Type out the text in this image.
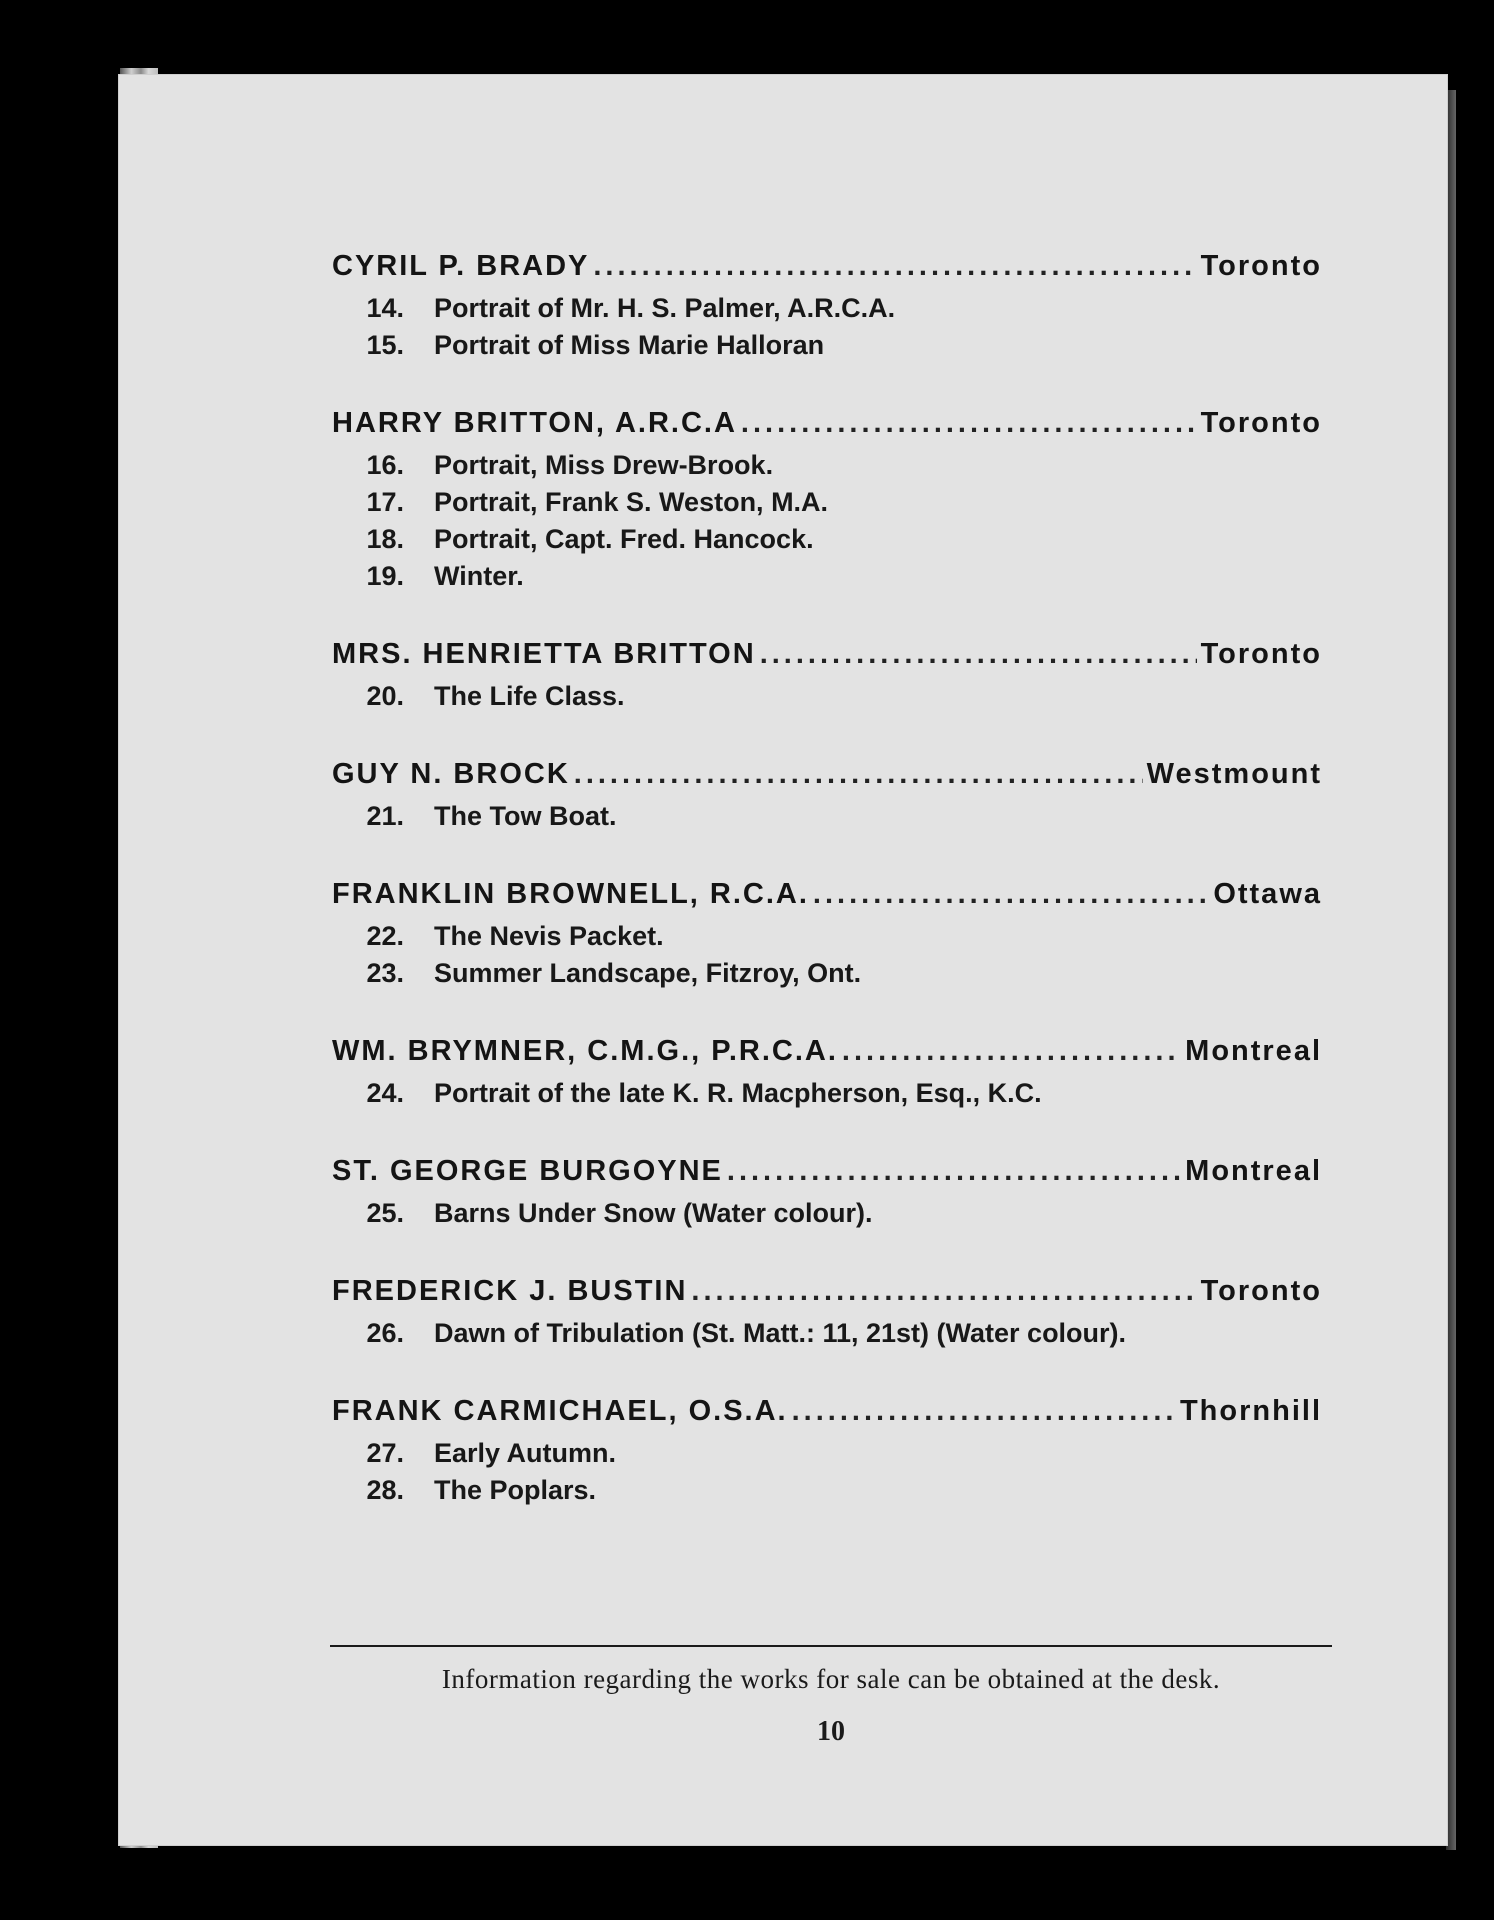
CYRIL P. BRADY .....	Toronto
14. Portrait of Mr. H. S. Palmer, A.R.C.A.
15. Portrait of Miss Marie Halloran
HARRY BRITTON, A.R.C.A .....	Toronto
16. Portrait, Miss Drew-Brook.
17. Portrait, Frank S. Weston, M.A.
18. Portrait, Capt. Fred. Hancock.
19. Winter.
MRS. HENRIETTA BRITTON .....	Toronto
20. The Life Class.
GUY N. BROCK .....	Westmount
21. The Tow Boat.
FRANKLIN BROWNELL, R.C.A. .....	Ottawa
22. The Nevis Packet.
23. Summer Landscape, Fitzroy, Ont.
WM. BRYMNER, C.M.G., P.R.C.A. .....	Montreal
24. Portrait of the late K. R. Macpherson, Esq., K.C.
ST. GEORGE BURGOYNE .....	Montreal
25. Barns Under Snow (Water colour).
FREDERICK J. BUSTIN .....	Toronto
26. Dawn of Tribulation (St. Matt.: 11, 21st) (Water colour).
FRANK CARMICHAEL, O.S.A. .....	Thornhill
27. Early Autumn.
28. The Poplars.
Information regarding the works for sale can be obtained at the desk.
10
